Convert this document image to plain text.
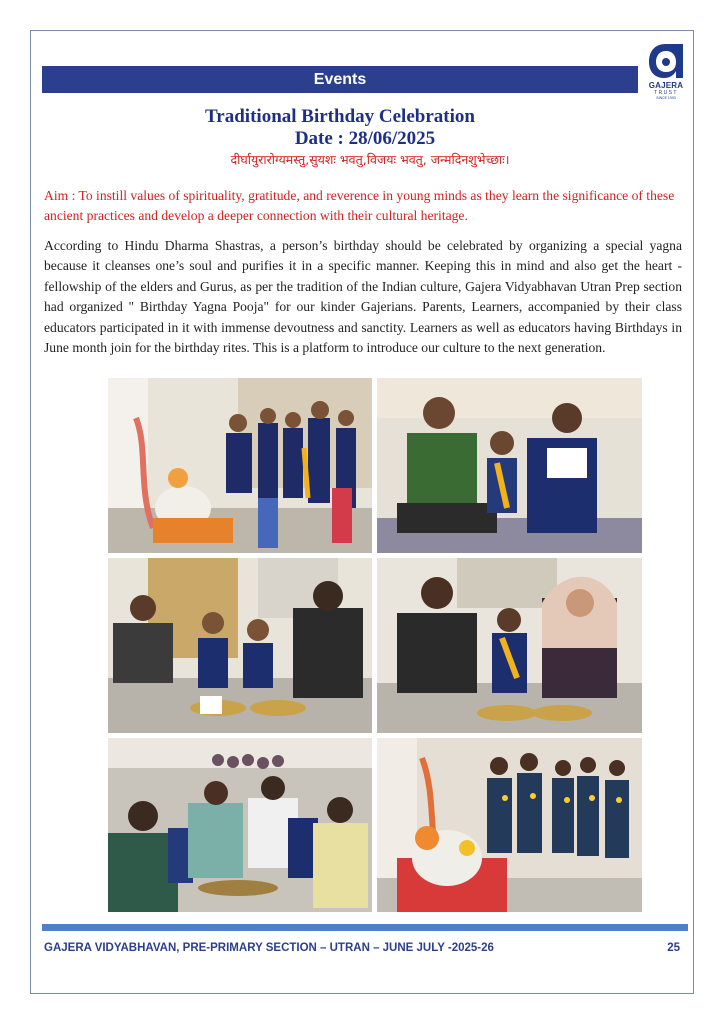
Events	GAJERA
TRUST
SINCE 1993
Traditional Birthday Celebration
Date : 28/06/2025
दीर्घायुरारोग्यमस्तु,सुयशः भवतु,विजयः भवतु, जन्मदिनशुभेच्छाः।
Aim : To instill values of spirituality, gratitude, and reverence in young minds as they learn the significance of these ancient practices and develop a deeper connection with their cultural heritage.
According to Hindu Dharma Shastras, a person’s birthday should be celebrated by organizing a special yagna because it cleanses one’s soul and purifies it in a specific manner. Keeping this in mind and also get the heart - fellowship of the elders and Gurus, as per the tradition of the Indian culture, Gajera Vidyabhavan Utran Prep section had organized " Birthday Yagna Pooja" for our kinder Gajerians. Parents, Learners, accompanied by their class educators participated in it with immense devoutness and sanctity. Learners as well as educators having Birthdays in June month join for the birthday rites. This is a platform to introduce our culture to the next generation.
GAJERA VIDYABHAVAN, PRE-PRIMARY SECTION – UTRAN – JUNE JULY -2025-26	25
